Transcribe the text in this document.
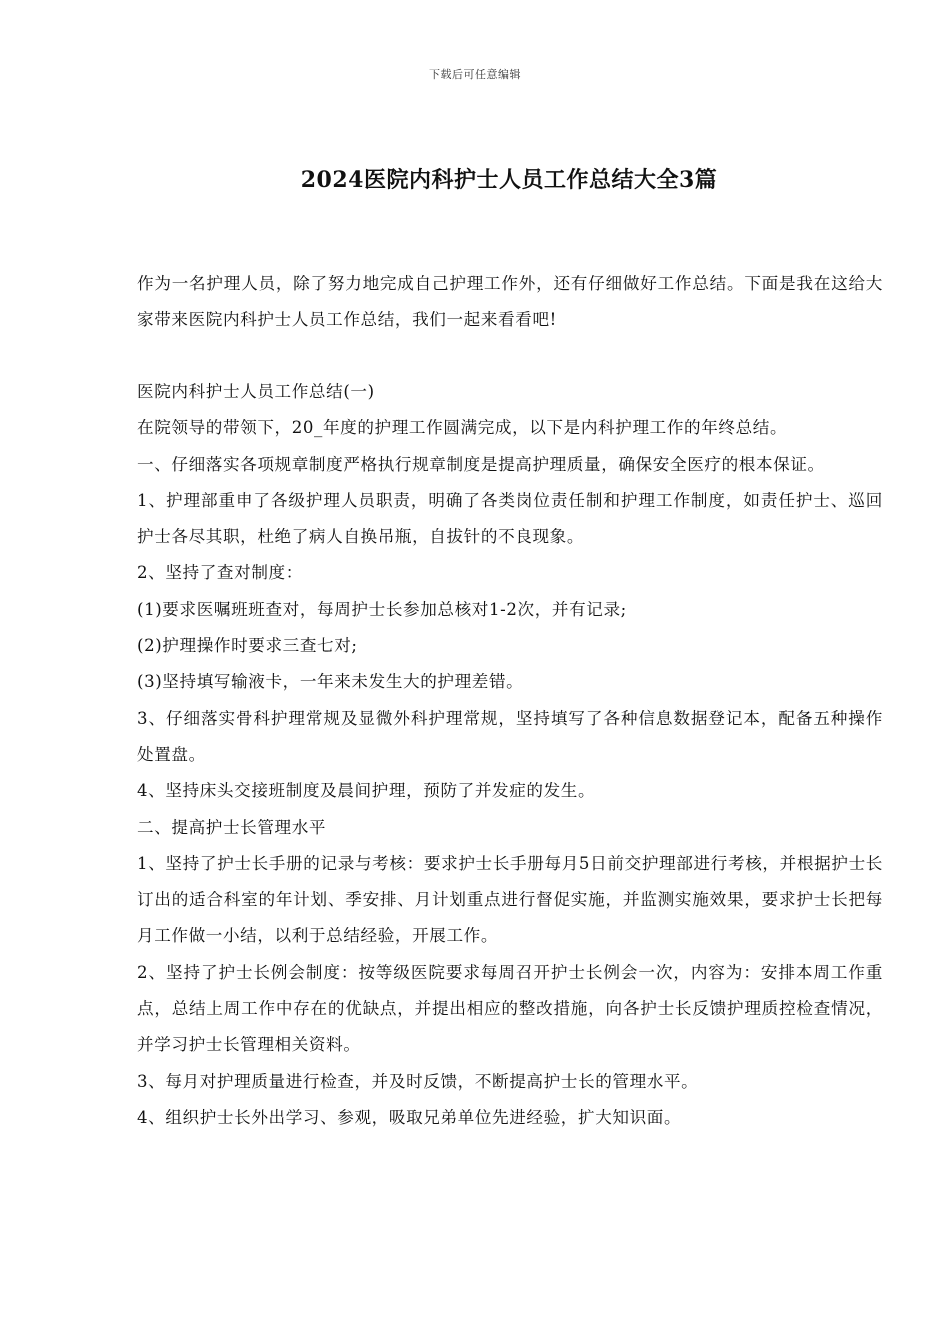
下载后可任意编辑
2024医院内科护士人员工作总结大全3篇

作为一名护理人员，除了努力地完成自己护理工作外，还有仔细做好工作总结。下面是我在这给大家带来医院内科护士人员工作总结，我们一起来看看吧!

医院内科护士人员工作总结(一)

在院领导的带领下，20_年度的护理工作圆满完成，以下是内科护理工作的年终总结。

一、仔细落实各项规章制度严格执行规章制度是提高护理质量，确保安全医疗的根本保证。

1、护理部重申了各级护理人员职责，明确了各类岗位责任制和护理工作制度，如责任护士、巡回护士各尽其职，杜绝了病人自换吊瓶，自拔针的不良现象。

2、坚持了查对制度：

(1)要求医嘱班班查对，每周护士长参加总核对1-2次，并有记录;

(2)护理操作时要求三查七对;

(3)坚持填写输液卡，一年来未发生大的护理差错。

3、仔细落实骨科护理常规及显微外科护理常规，坚持填写了各种信息数据登记本，配备五种操作处置盘。

4、坚持床头交接班制度及晨间护理，预防了并发症的发生。

二、提高护士长管理水平

1、坚持了护士长手册的记录与考核：要求护士长手册每月5日前交护理部进行考核，并根据护士长订出的适合科室的年计划、季安排、月计划重点进行督促实施，并监测实施效果，要求护士长把每月工作做一小结，以利于总结经验，开展工作。

2、坚持了护士长例会制度：按等级医院要求每周召开护士长例会一次，内容为：安排本周工作重点，总结上周工作中存在的优缺点，并提出相应的整改措施，向各护士长反馈护理质控检查情况，并学习护士长管理相关资料。

3、每月对护理质量进行检查，并及时反馈，不断提高护士长的管理水平。

4、组织护士长外出学习、参观，吸取兄弟单位先进经验，扩大知识面。
